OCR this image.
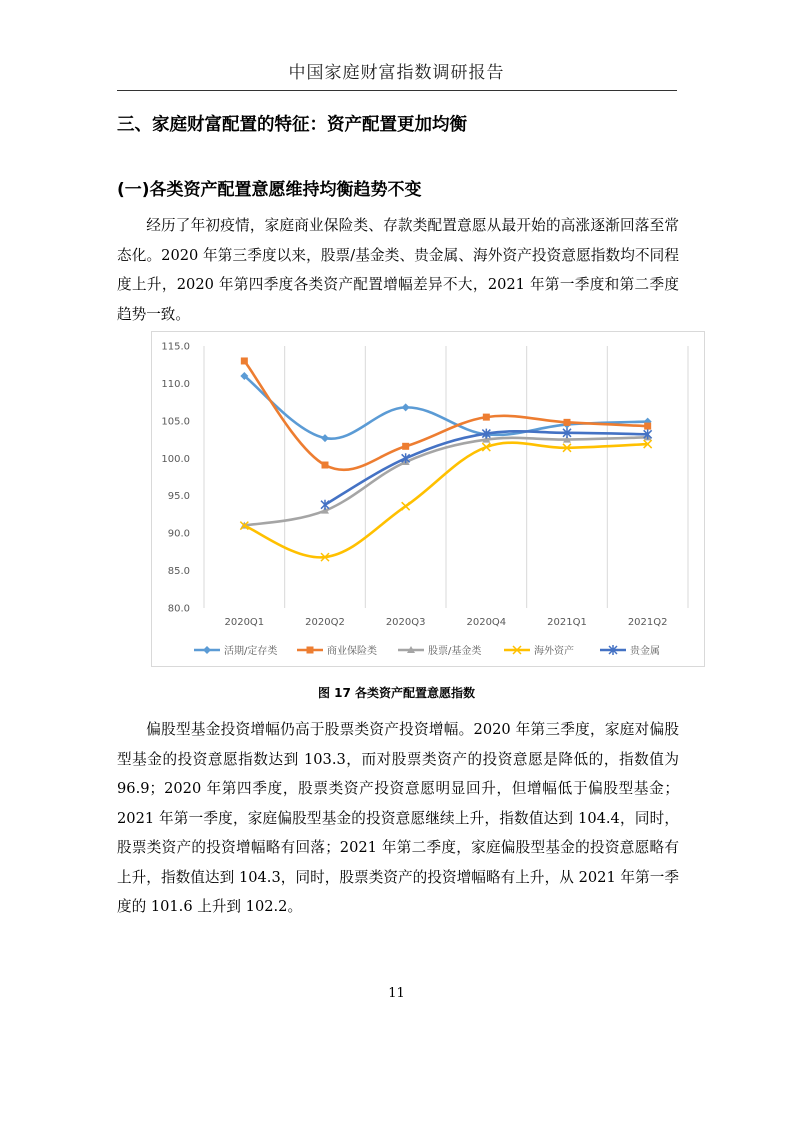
中国家庭财富指数调研报告
三、家庭财富配置的特征：资产配置更加均衡
(一)各类资产配置意愿维持均衡趋势不变
经历了年初疫情，家庭商业保险类、存款类配置意愿从最开始的高涨逐渐回落至常态化。2020 年第三季度以来，股票/基金类、贵金属、海外资产投资意愿指数均不同程度上升，2020 年第四季度各类资产配置增幅差异不大，2021 年第一季度和第二季度趋势一致。
80.0
85.0
90.0
95.0
100.0
105.0
110.0
115.0
2020Q1	2020Q2	2020Q3	2020Q4	2021Q1	2021Q2
活期/定存类	商业保险类	股票/基金类	海外资产	贵金属
图 17 各类资产配置意愿指数
偏股型基金投资增幅仍高于股票类资产投资增幅。2020 年第三季度，家庭对偏股型基金的投资意愿指数达到 103.3，而对股票类资产的投资意愿是降低的，指数值为 96.9；2020 年第四季度，股票类资产投资意愿明显回升，但增幅低于偏股型基金；2021 年第一季度，家庭偏股型基金的投资意愿继续上升，指数值达到 104.4，同时，股票类资产的投资增幅略有回落；2021 年第二季度，家庭偏股型基金的投资意愿略有上升，指数值达到 104.3，同时，股票类资产的投资增幅略有上升，从 2021 年第一季度的 101.6 上升到 102.2。
11
